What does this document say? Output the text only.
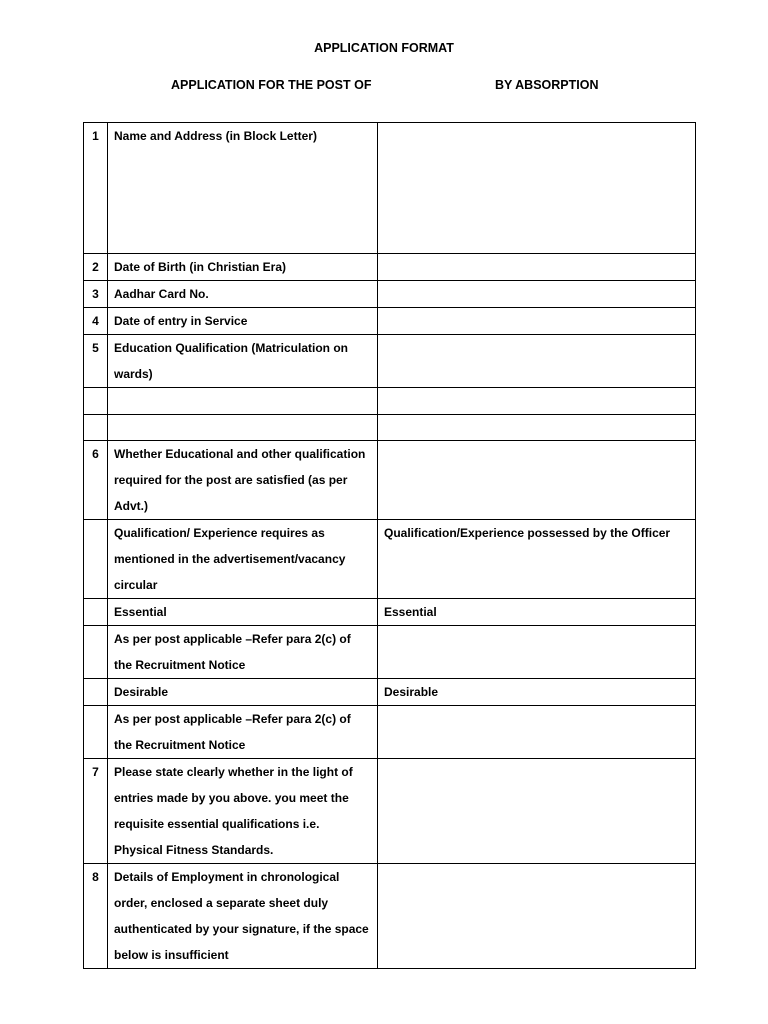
APPLICATION FORMAT
APPLICATION FOR THE POST OF	BY ABSORPTION
1	Name and Address (in Block Letter)	
2	Date of Birth (in Christian Era)	
3	Aadhar Card No.	
4	Date of entry in Service	
5	Education Qualification (Matriculation on wards)	

6	Whether Educational and other qualification required for the post are satisfied (as per Advt.)	
	Qualification/ Experience requires as mentioned in the advertisement/vacancy circular	Qualification/Experience possessed by the Officer
	Essential	Essential
	As per post applicable –Refer para 2(c) of the Recruitment Notice	
	Desirable	Desirable
	As per post applicable –Refer para 2(c) of the Recruitment Notice	
7	Please state clearly whether in the light of entries made by you above. you meet the requisite essential qualifications i.e. Physical Fitness Standards.	
8	Details of Employment in chronological order, enclosed a separate sheet duly authenticated by your signature, if the space below is insufficient	
